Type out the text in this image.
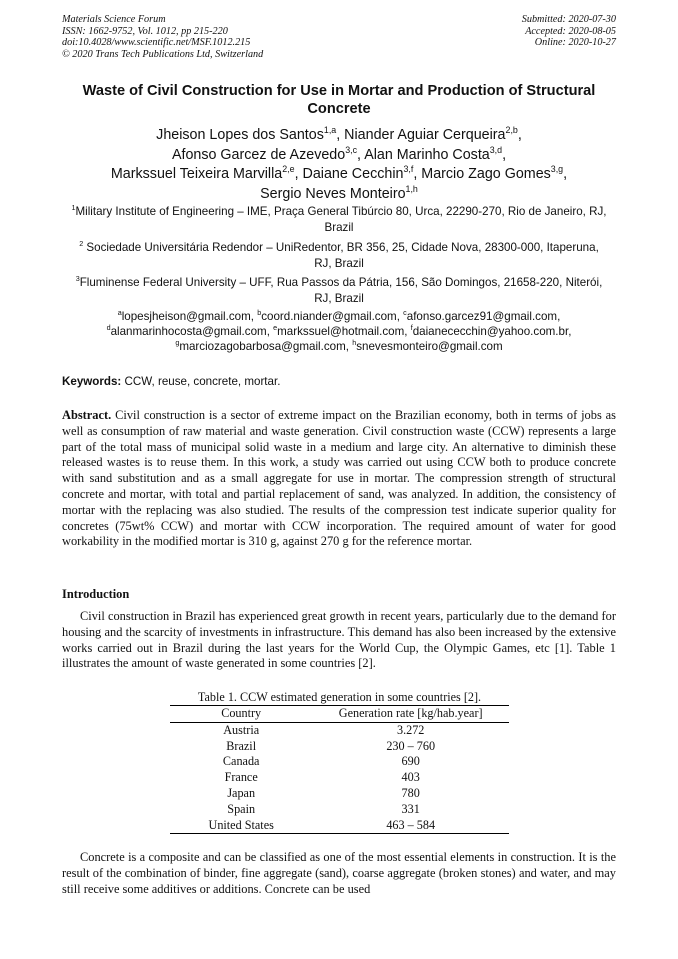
Materials Science Forum
ISSN: 1662-9752, Vol. 1012, pp 215-220
doi:10.4028/www.scientific.net/MSF.1012.215
© 2020 Trans Tech Publications Ltd, Switzerland
Submitted: 2020-07-30
Accepted: 2020-08-05
Online: 2020-10-27
Waste of Civil Construction for Use in Mortar and Production of Structural Concrete
Jheison Lopes dos Santos$^{1,a}$, Niander Aguiar Cerqueira$^{2,b}$,
Afonso Garcez de Azevedo$^{3,c}$, Alan Marinho Costa$^{3,d}$,
Markssuel Teixeira Marvilla$^{2,e}$, Daiane Cecchin$^{3,f}$, Marcio Zago Gomes$^{3,g}$,
Sergio Neves Monteiro$^{1,h}$
$^1$Military Institute of Engineering – IME, Praça General Tibúrcio 80, Urca, 22290-270, Rio de Janeiro, RJ, Brazil
$^2$ Sociedade Universitária Redendor – UniRedentor, BR 356, 25, Cidade Nova, 28300-000, Itaperuna, RJ, Brazil
$^3$Fluminense Federal University – UFF, Rua Passos da Pátria, 156, São Domingos, 21658-220, Niterói, RJ, Brazil
$^a$lopesjheison@gmail.com, $^b$coord.niander@gmail.com, $^c$afonso.garcez91@gmail.com,
$^d$alanmarinhocosta@gmail.com, $^e$markssuel@hotmail.com, $^f$daianececchin@yahoo.com.br,
$^g$marciozagobarbosa@gmail.com, $^h$snevesmonteiro@gmail.com
Keywords: CCW, reuse, concrete, mortar.
Abstract. Civil construction is a sector of extreme impact on the Brazilian economy, both in terms of jobs as well as consumption of raw material and waste generation. Civil construction waste (CCW) represents a large part of the total mass of municipal solid waste in a medium and large city. An alternative to diminish these released wastes is to reuse them. In this work, a study was carried out using CCW both to produce concrete with sand substitution and as a small aggregate for use in mortar. The compression strength of structural concrete and mortar, with total and partial replacement of sand, was analyzed. In addition, the consistency of mortar with the replacing was also studied. The results of the compression test indicate superior quality for concretes (75wt% CCW) and mortar with CCW incorporation. The required amount of water for good workability in the modified mortar is 310 g, against 270 g for the reference mortar.
Introduction
Civil construction in Brazil has experienced great growth in recent years, particularly due to the demand for housing and the scarcity of investments in infrastructure. This demand has also been increased by the extensive works carried out in Brazil during the last years for the World Cup, the Olympic Games, etc [1]. Table 1 illustrates the amount of waste generated in some countries [2].
Table 1. CCW estimated generation in some countries [2].
Country	Generation rate [kg/hab.year]
Austria	3.272
Brazil	230 – 760
Canada	690
France	403
Japan	780
Spain	331
United States	463 – 584
Concrete is a composite and can be classified as one of the most essential elements in construction. It is the result of the combination of binder, fine aggregate (sand), coarse aggregate (broken stones) and water, and may still receive some additives or additions. Concrete can be used
